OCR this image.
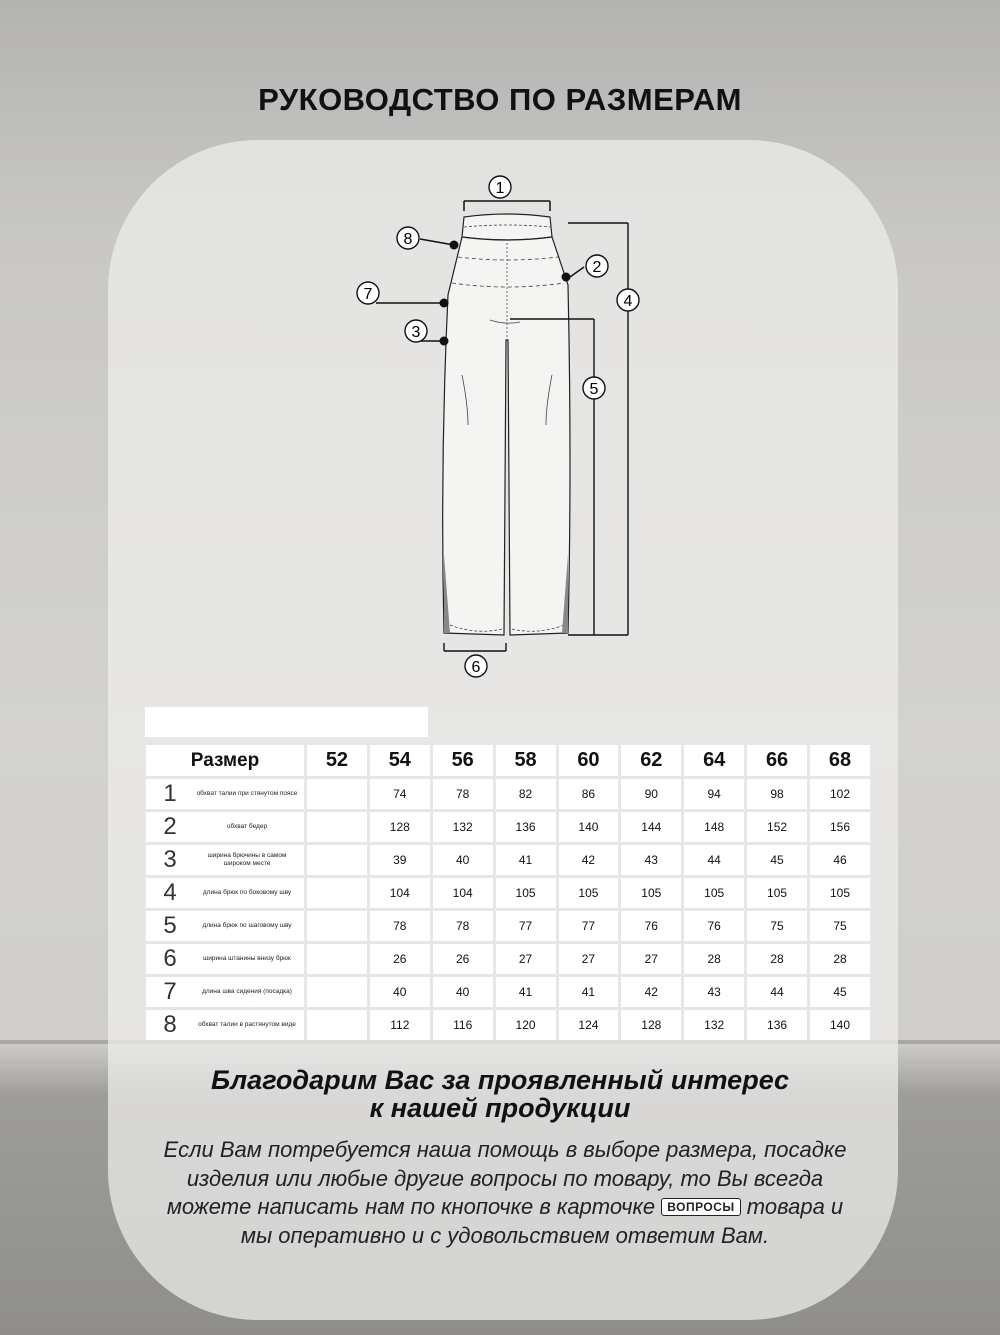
РУКОВОДСТВО ПО РАЗМЕРАМ
1
2
3
4
5
6
7
8
Размер	52	54	56	58	60	62	64	66	68

1 обхват талии при стянутом поясе		74	78	82	86	90	94	98	102

2 обхват бедер		128	132	136	140	144	148	152	156

3 ширина брючины в самом широком месте		39	40	41	42	43	44	45	46

4 длина брюк по боковому шву		104	104	105	105	105	105	105	105

5 длина брюк по шаговому шву		78	78	77	77	76	76	75	75

6 ширина штанины внизу брюк		26	26	27	27	27	28	28	28

7 длина шва сидения (посадка)		40	40	41	41	42	43	44	45

8 обхват талии в растянутом виде		112	116	120	124	128	132	136	140
Благодарим Вас за проявленный интерес
к нашей продукции

Если Вам потребуется наша помощь в выборе размера, посадке изделия или любые другие вопросы по товару, то Вы всегда можете написать нам по кнопочке в карточке ВОПРОСЫ товара и мы оперативно и с удовольствием ответим Вам.
